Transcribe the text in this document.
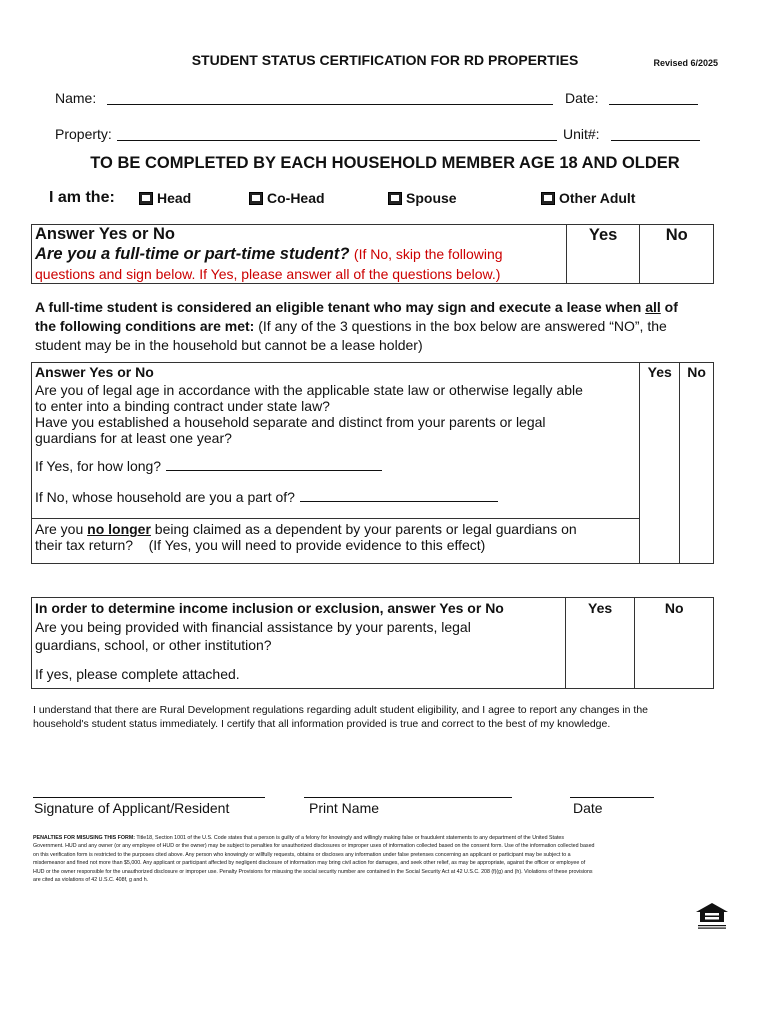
STUDENT STATUS CERTIFICATION FOR RD PROPERTIES	Revised 6/2025
Name:	Date:
Property:	Unit#:
TO BE COMPLETED BY EACH HOUSEHOLD MEMBER AGE 18 AND OLDER
I am the:	Head	Co-Head	Spouse	Other Adult
Answer Yes or No
Are you a full-time or part-time student? (If No, skip the following
questions and sign below. If Yes, please answer all of the questions below.)

Yes	No
A full-time student is considered an eligible tenant who may sign and execute a lease when all of
the following conditions are met: (If any of the 3 questions in the box below are answered “NO”, the
student may be in the household but cannot be a lease holder)
Answer Yes or No
Are you of legal age in accordance with the applicable state law or otherwise legally able
to enter into a binding contract under state law?
Have you established a household separate and distinct from your parents or legal
guardians for at least one year?
If Yes, for how long?
If No, whose household are you a part of?
Are you no longer being claimed as a dependent by your parents or legal guardians on
their tax return? (If Yes, you will need to provide evidence to this effect)

Yes	No
In order to determine income inclusion or exclusion, answer Yes or No
Are you being provided with financial assistance by your parents, legal
guardians, school, or other institution?
If yes, please complete attached.

Yes	No
I understand that there are Rural Development regulations regarding adult student eligibility, and I agree to report any changes in the
household's student status immediately. I certify that all information provided is true and correct to the best of my knowledge.
Signature of Applicant/Resident	Print Name	Date
PENALTIES FOR MISUSING THIS FORM: Title18, Section 1001 of the U.S. Code states that a person is guilty of a felony for knowingly and willingly making false or fraudulent statements to any department of the United States
Government. HUD and any owner (or any employee of HUD or the owner) may be subject to penalties for unauthorized disclosures or improper uses of information collected based on the consent form. Use of the information collected based
on this verification form is restricted to the purposes cited above. Any person who knowingly or willfully requests, obtains or discloses any information under false pretenses concerning an applicant or participant may be subject to a
misdemeanor and fined not more than $5,000. Any applicant or participant affected by negligent disclosure of information may bring civil action for damages, and seek other relief, as may be appropriate, against the officer or employee of
HUD or the owner responsible for the unauthorized disclosure or improper use. Penalty Provisions for misusing the social security number are contained in the Social Security Act at 42 U.S.C. 208 (f)(g) and (h). Violations of these provisions
are cited as violations of 42 U.S.C. 408f, g and h.
